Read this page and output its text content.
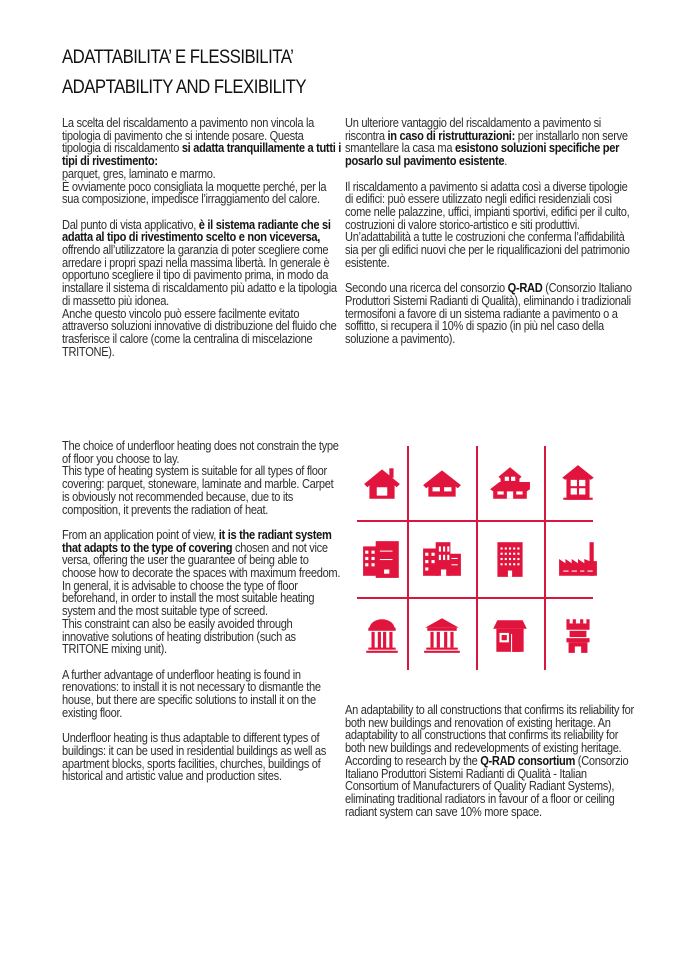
ADATTABILITA’ E FLESSIBILITA’
ADAPTABILITY AND FLEXIBILITY

La scelta del riscaldamento a pavimento non vincola la tipologia di pavimento che si intende posare. Questa tipologia di riscaldamento si adatta tranquillamente a tutti i tipi di rivestimento:
parquet, gres, laminato e marmo.

È ovviamente poco consigliata la moquette perché, per la sua composizione, impedisce l’irraggiamento del calore.

Dal punto di vista applicativo, è il sistema radiante che si adatta al tipo di rivestimento scelto e non viceversa, offrendo all’utilizzatore la garanzia di poter scegliere come arredare i propri spazi nella massima libertà. In generale è opportuno scegliere il tipo di pavimento prima, in modo da installare il sistema di riscaldamento più adatto e la tipologia di massetto più idonea.

Anche questo vincolo può essere facilmente evitato attraverso soluzioni innovative di distribuzione del fluido che trasferisce il calore (come la centralina di miscelazione TRITONE).

Un ulteriore vantaggio del riscaldamento a pavimento si riscontra in caso di ristrutturazioni: per installarlo non serve smantellare la casa ma esistono soluzioni specifiche per posarlo sul pavimento esistente.

Il riscaldamento a pavimento si adatta così a diverse tipologie di edifici: può essere utilizzato negli edifici residenziali così come nelle palazzine, uffici, impianti sportivi, edifici per il culto, costruzioni di valore storico-artistico e siti produttivi. Un’adattabilità a tutte le costruzioni che conferma l’affidabilità sia per gli edifici nuovi che per le riqualificazioni del patrimonio esistente.

Secondo una ricerca del consorzio Q-RAD (Consorzio Italiano Produttori Sistemi Radianti di Qualità), eliminando i tradizionali termosifoni a favore di un sistema radiante a pavimento o a soffitto, si recupera il 10% di spazio (in più nel caso della soluzione a pavimento).

The choice of underfloor heating does not constrain the type of floor you choose to lay.

This type of heating system is suitable for all types of floor covering: parquet, stoneware, laminate and marble. Carpet is obviously not recommended because, due to its composition, it prevents the radiation of heat.

From an application point of view, it is the radiant system that adapts to the type of covering chosen and not vice versa, offering the user the guarantee of being able to choose how to decorate the spaces with maximum freedom.

In general, it is advisable to choose the type of floor beforehand, in order to install the most suitable heating system and the most suitable type of screed.

This constraint can also be easily avoided through innovative solutions of heating distribution (such as TRITONE mixing unit).

A further advantage of underfloor heating is found in renovations: to install it is not necessary to dismantle the house, but there are specific solutions to install it on the existing floor.

Underfloor heating is thus adaptable to different types of buildings: it can be used in residential buildings as well as apartment blocks, sports facilities, churches, buildings of historical and artistic value and production sites.

An adaptability to all constructions that confirms its reliability for both new buildings and renovation of existing heritage. An adaptability to all constructions that confirms its reliability for both new buildings and redevelopments of existing heritage.

According to research by the Q-RAD consortium (Consorzio Italiano Produttori Sistemi Radianti di Qualità - Italian Consortium of Manufacturers of Quality Radiant Systems), eliminating traditional radiators in favour of a floor or ceiling radiant system can save 10% more space.
